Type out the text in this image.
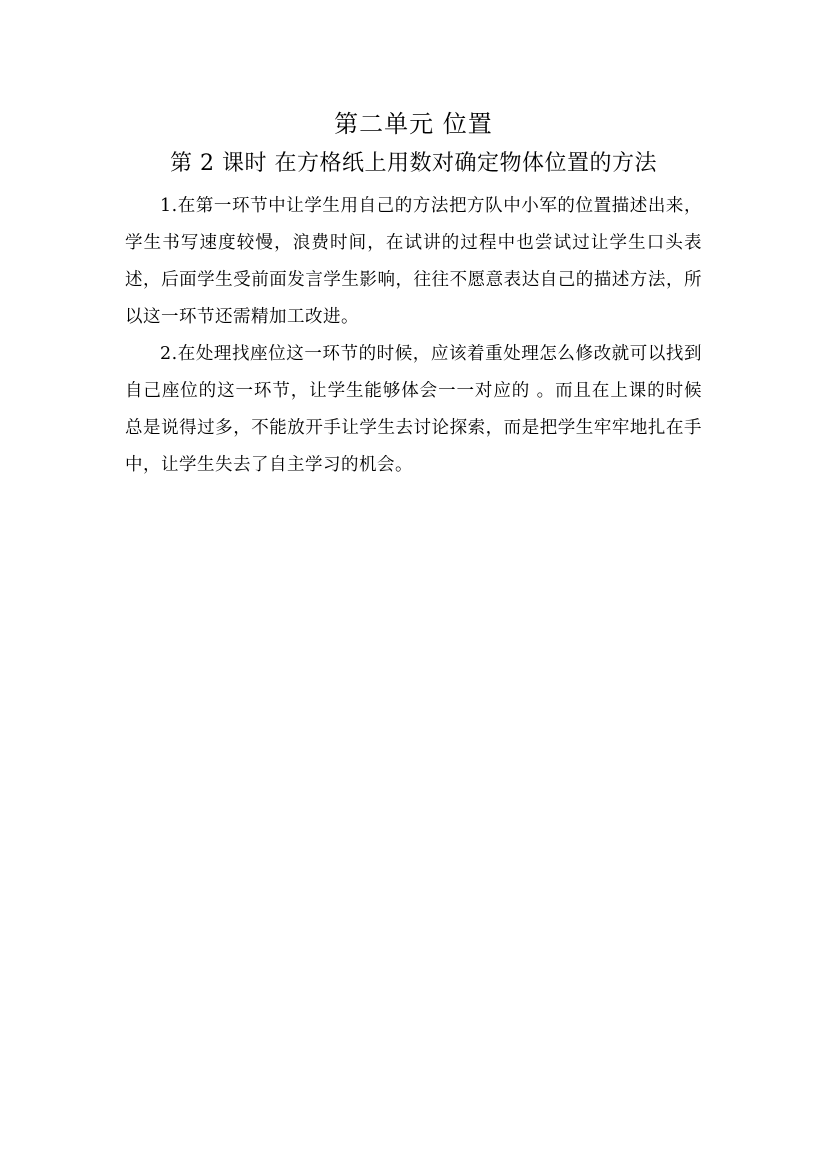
第二单元 位置
第 2 课时 在方格纸上用数对确定物体位置的方法

1.在第一环节中让学生用自己的方法把方队中小军的位置描述出来，学生书写速度较慢，浪费时间，在试讲的过程中也尝试过让学生口头表述，后面学生受前面发言学生影响，往往不愿意表达自己的描述方法，所以这一环节还需精加工改进。

2.在处理找座位这一环节的时候，应该着重处理怎么修改就可以找到自己座位的这一环节，让学生能够体会一一对应的 。而且在上课的时候总是说得过多，不能放开手让学生去讨论探索，而是把学生牢牢地扎在手中，让学生失去了自主学习的机会。
